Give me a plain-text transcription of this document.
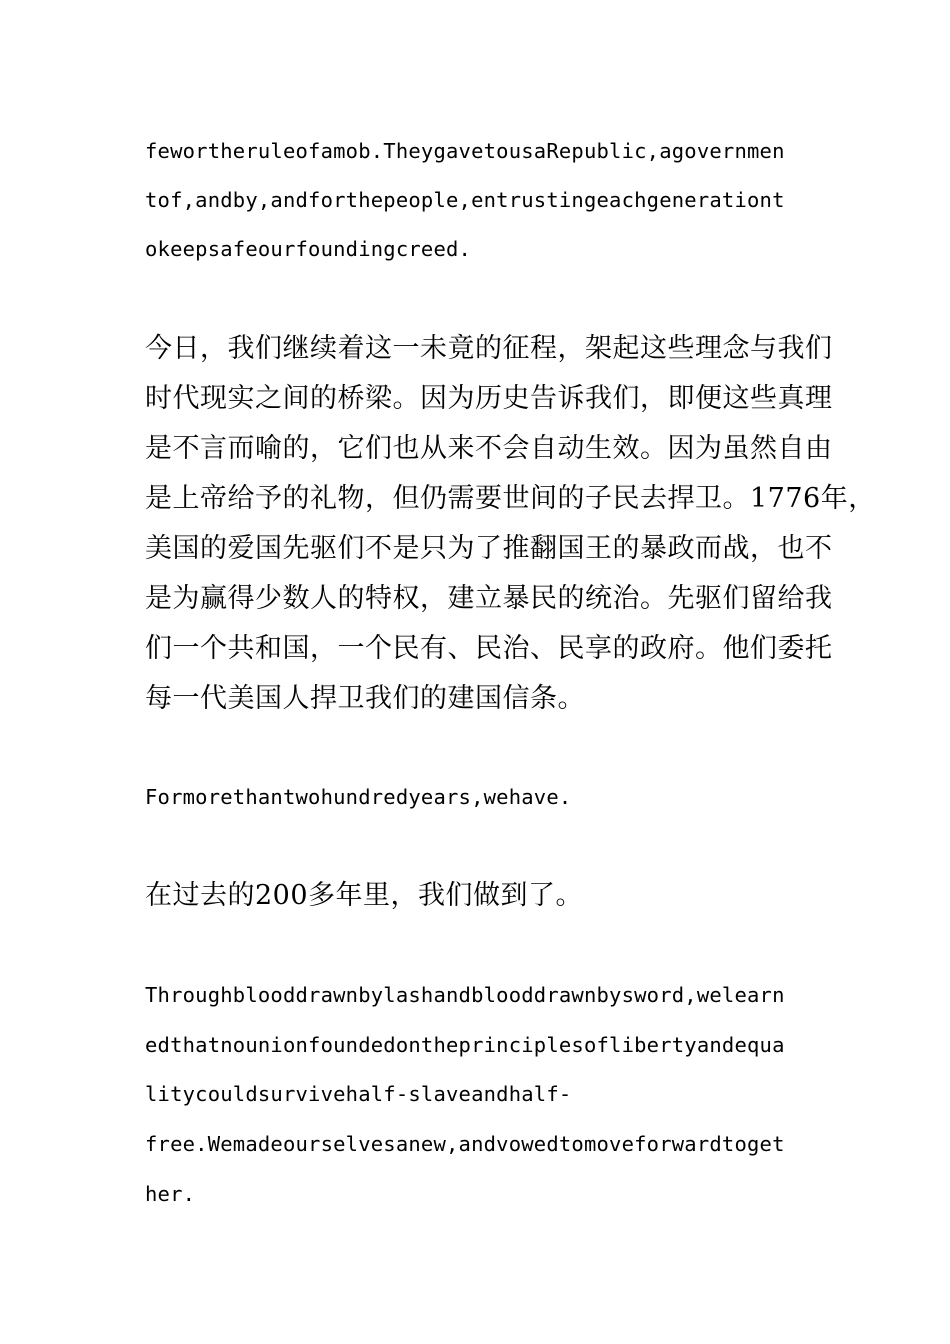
fewortheruleofamob.TheygavetousaRepublic,agovernmen
tof,andby,andforthepeople,entrustingeachgenerationt
okeepsafeourfoundingcreed.
今日，我们继续着这一未竟的征程，架起这些理念与我们
时代现实之间的桥梁。因为历史告诉我们，即便这些真理
是不言而喻的，它们也从来不会自动生效。因为虽然自由
是上帝给予的礼物，但仍需要世间的子民去捍卫。1776年，
美国的爱国先驱们不是只为了推翻国王的暴政而战，也不
是为赢得少数人的特权，建立暴民的统治。先驱们留给我
们一个共和国，一个民有、民治、民享的政府。他们委托
每一代美国人捍卫我们的建国信条。
Formorethantwohundredyears,wehave.
在过去的200多年里，我们做到了。
Throughblooddrawnbylashandblooddrawnbysword,welearn
edthatnounionfoundedontheprinciplesoflibertyandequa
litycouldsurvivehalf-slaveandhalf-
free.Wemadeourselvesanew,andvowedtomoveforwardtoget
her.
